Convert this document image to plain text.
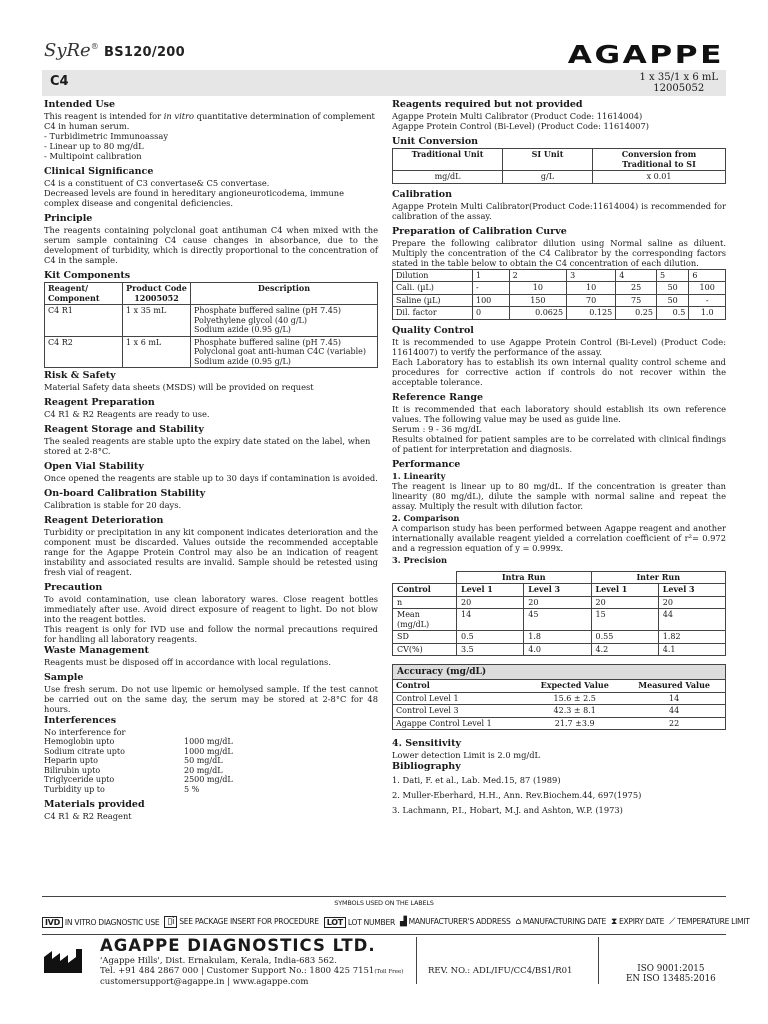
SyRe® BS120/200	AGAPPE
C4	1 x 35/1 x 6 mL
12005052
Intended Use

This reagent is intended for in vitro quantitative determination of complement C4 in human serum.

- Turbidimetric Immunoassay

- Linear up to 80 mg/dL

- Multipoint calibration

Clinical Significance

C4 is a constituent of C3 convertase& C5 convertase.

Decreased levels are found in hereditary angioneuroticodema, immune complex disease and congenital deficiencies.

Principle

The reagents containing polyclonal goat antihuman C4 when mixed with the serum sample containing C4 cause changes in absorbance, due to the development of turbidity, which is directly proportional to the concentration of C4 in the sample.

Kit Components
Reagent/ Component	Product Code 12005052	Description
C4 R1	1 x 35 mL	Phosphate buffered saline (pH 7.45)
Polyethylene glycol (40 g/L)
Sodium azide (0.95 g/L)

C4 R2	1 x 6 mL	Phosphate buffered saline (pH 7.45)
Polyclonal goat anti-human C4C (variable)
Sodium azide (0.95 g/L)
Risk & Safety

Material Safety data sheets (MSDS) will be provided on request

Reagent Preparation

C4 R1 & R2 Reagents are ready to use.

Reagent Storage and Stability

The sealed reagents are stable upto the expiry date stated on the label, when stored at 2-8°C.

Open Vial Stability

Once opened the reagents are stable up to 30 days if contamination is avoided.

On-board Calibration Stability

Calibration is stable for 20 days.

Reagent Deterioration

Turbidity or precipitation in any kit component indicates deterioration and the component must be discarded. Values outside the recommended acceptable range for the Agappe Protein Control may also be an indication of reagent instability and associated results are invalid. Sample should be retested using fresh vial of reagent.

Precaution

To avoid contamination, use clean laboratory wares. Close reagent bottles immediately after use. Avoid direct exposure of reagent to light. Do not blow into the reagent bottles.

This reagent is only for IVD use and follow the normal precautions required for handling all laboratory reagents.

Waste Management

Reagents must be disposed off in accordance with local regulations.

Sample

Use fresh serum. Do not use lipemic or hemolysed sample. If the test cannot be carried out on the same day, the serum may be stored at 2-8°C for 48 hours.

Interferences

No interference for

Hemoglobin upto	1000 mg/dL
Sodium citrate upto	1000 mg/dL
Heparin upto	50 mg/dL
Bilirubin upto	20 mg/dL
Triglyceride upto	2500 mg/dL
Turbidity up to	5 %
Materials provided

C4 R1 & R2 Reagent

Reagents required but not provided

Agappe Protein Multi Calibrator (Product Code: 11614004)

Agappe Protein Control (Bi-Level) (Product Code: 11614007)

Unit Conversion
Traditional Unit	SI Unit	Conversion from Traditional to SI
mg/dL	g/L	x 0.01
Calibration

Agappe Protein Multi Calibrator(Product Code:11614004) is recommended for calibration of the assay.

Preparation of Calibration Curve

Prepare the following calibrator dilution using Normal saline as diluent. Multiply the concentration of the C4 Calibrator by the corresponding factors stated in the table below to obtain the C4 concentration of each dilution.

Dilution	1	2	3	4	5	6
Cali. (µL)	-	10	10	25	50	100
Saline (µL)	100	150	70	75	50	-
Dil. factor	0	0.0625	0.125	0.25	0.5	1.0
Quality Control

It is recommended to use Agappe Protein Control (Bi-Level) (Product Code: 11614007) to verify the performance of the assay.

Each Laboratory has to establish its own internal quality control scheme and procedures for corrective action if controls do not recover within the acceptable tolerance.

Reference Range

It is recommended that each laboratory should establish its own reference values. The following value may be used as guide line.

Serum : 9 - 36 mg/dL

Results obtained for patient samples are to be correlated with clinical findings of patient for interpretation and diagnosis.

Performance

1. Linearity

The reagent is linear up to 80 mg/dL. If the concentration is greater than linearity (80 mg/dL), dilute the sample with normal saline and repeat the assay. Multiply the result with dilution factor.

2. Comparison

A comparison study has been performed between Agappe reagent and another internationally available reagent yielded a correlation coefficient of r²= 0.972 and a regression equation of y = 0.999x.

3. Precision

	Intra Run		Inter Run	
Control	Level 1	Level 3	Level 1	Level 3
n	20	20	20	20
Mean (mg/dL)	14	45	15	44
SD	0.5	1.8	0.55	1.82
CV(%)	3.5	4.0	4.2	4.1
Accuracy (mg/dL)
Control	Expected Value	Measured Value
Control Level 1	15.6 ± 2.5	14
Control Level 3	42.3 ± 8.1	44
Agappe Control Level 1	21.7 ±3.9	22
4. Sensitivity

Lower detection Limit is 2.0 mg/dL

Bibliography
1. Dati, F. et al., Lab. Med.15, 87 (1989)
2. Muller-Eberhard, H.H., Ann. Rev.Biochem.44, 697(1975)
3. Lachmann, P.I., Hobart, M.J. and Ashton, W.P. (1973)
SYMBOLS USED ON THE LABELS
IVD IN VITRO DIAGNOSTIC USE ▯i SEE PACKAGE INSERT FOR PROCEDURE	LOT LOT NUMBER ▟ MANUFACTURER'S ADDRESS ⌂ MANUFACTURING DATE ⧗ EXPIRY DATE ⟋ TEMPERATURE LIMIT
AGAPPE DIAGNOSTICS LTD.
'Agappe Hills', Dist. Ernakulam, Kerala, India-683 562.
Tel. +91 484 2867 000 | Customer Support No.: 1800 425 7151(Toll Free)
customersupport@agappe.in | www.agappe.com
REV. NO.: ADL/IFU/CC4/BS1/R01	ISO 9001:2015
EN ISO 13485:2016
